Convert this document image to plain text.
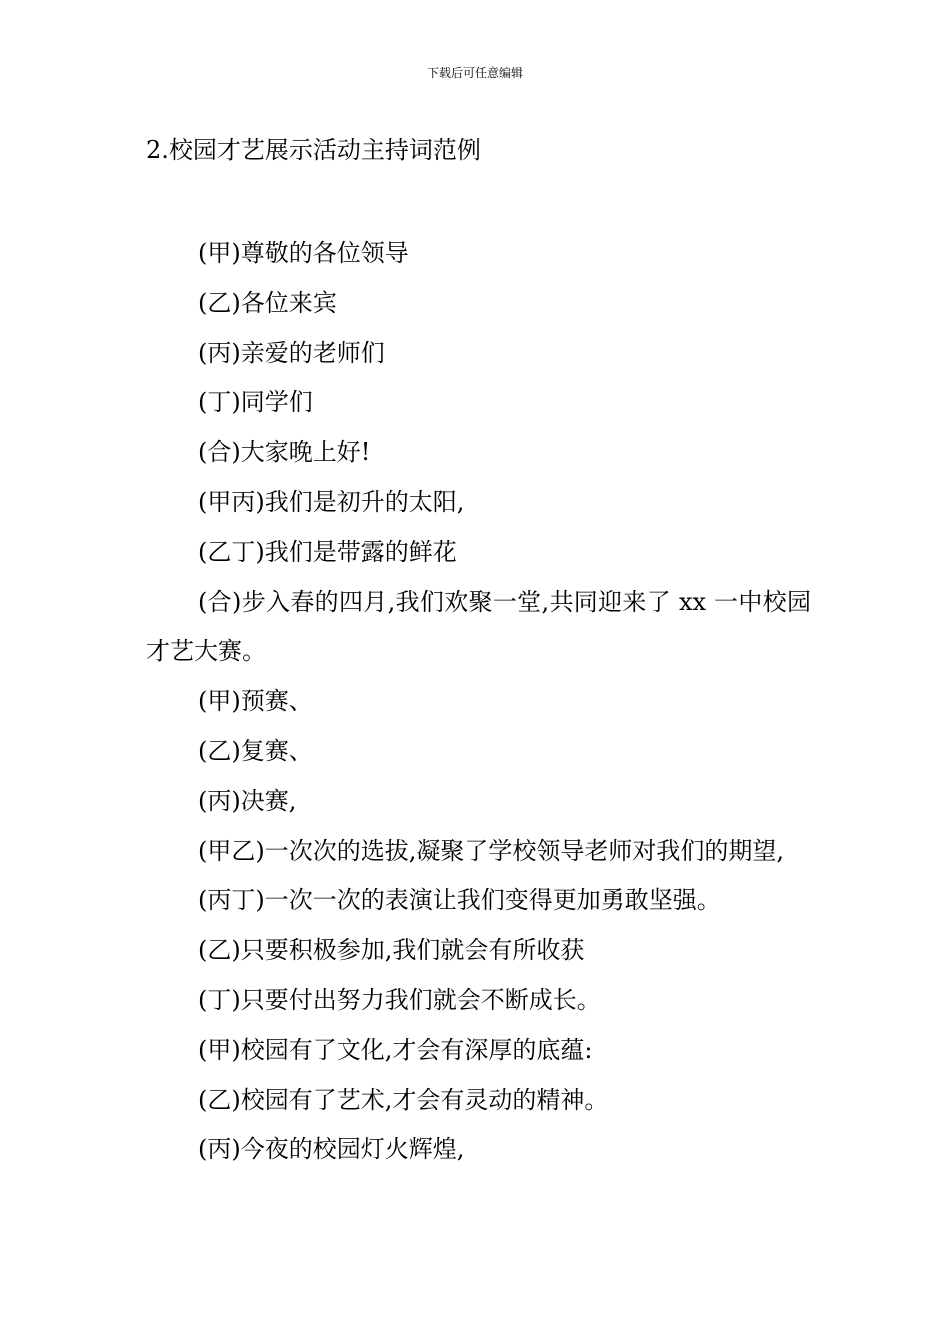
下载后可任意编辑
2.校园才艺展示活动主持词范例

(甲)尊敬的各位领导

(乙)各位来宾

(丙)亲爱的老师们

(丁)同学们

(合)大家晚上好!

(甲丙)我们是初升的太阳,

(乙丁)我们是带露的鲜花

(合)步入春的四月,我们欢聚一堂,共同迎来了 xx 一中校园才艺大赛。

(甲)预赛、

(乙)复赛、

(丙)决赛,

(甲乙)一次次的选拔,凝聚了学校领导老师对我们的期望,

(丙丁)一次一次的表演让我们变得更加勇敢坚强。

(乙)只要积极参加,我们就会有所收获

(丁)只要付出努力我们就会不断成长。

(甲)校园有了文化,才会有深厚的底蕴:

(乙)校园有了艺术,才会有灵动的精神。

(丙)今夜的校园灯火辉煌,
